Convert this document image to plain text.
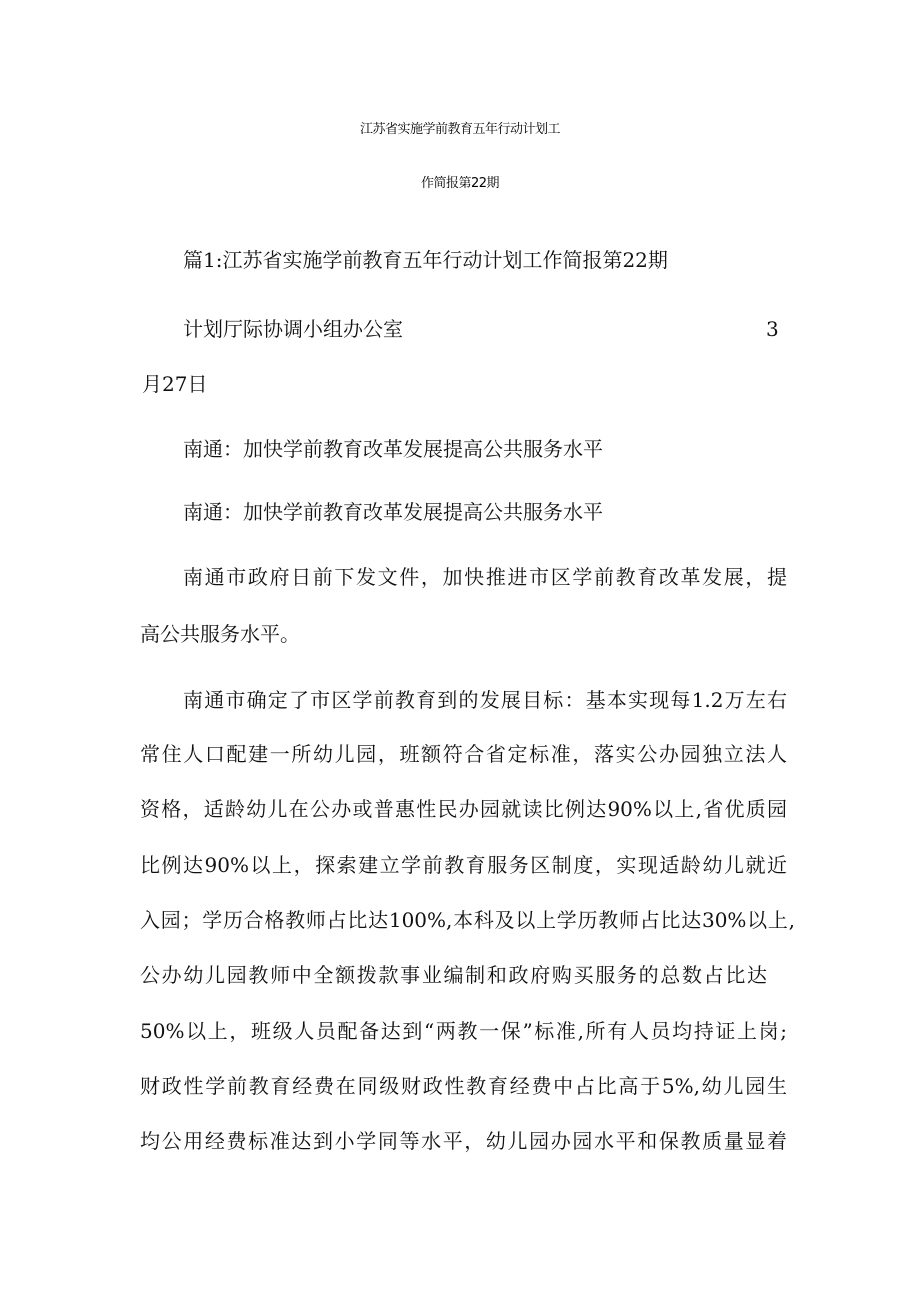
江苏省实施学前教育五年行动计划工
作简报第22期
篇1:江苏省实施学前教育五年行动计划工作简报第22期
计划厅际协调小组办公室	3
月27日
南通：加快学前教育改革发展提高公共服务水平
南通：加快学前教育改革发展提高公共服务水平
南通市政府日前下发文件，加快推进市区学前教育改革发展，提
高公共服务水平。
南通市确定了市区学前教育到的发展目标：基本实现每1.2万左右
常住人口配建一所幼儿园，班额符合省定标准，落实公办园独立法人
资格，适龄幼儿在公办或普惠性民办园就读比例达90%以上,省优质园
比例达90%以上，探索建立学前教育服务区制度，实现适龄幼儿就近
入园；学历合格教师占比达100%,本科及以上学历教师占比达30%以上,
公办幼儿园教师中全额拨款事业编制和政府购买服务的总数占比达
50%以上，班级人员配备达到“两教一保”标准,所有人员均持证上岗;
财政性学前教育经费在同级财政性教育经费中占比高于5%,幼儿园生
均公用经费标准达到小学同等水平，幼儿园办园水平和保教质量显着
